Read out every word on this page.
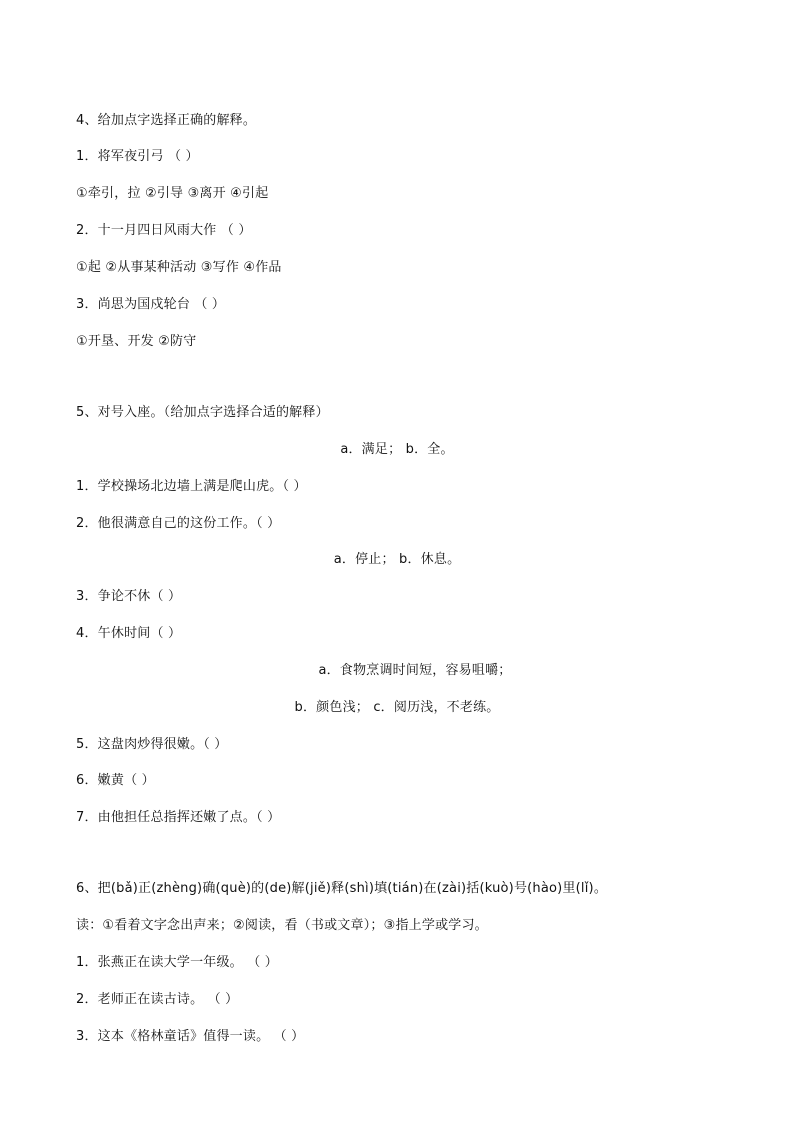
4、给加点字选择正确的解释。
1．将军夜引弓 （ ）
①牵引，拉 ②引导 ③离开 ④引起
2．十一月四日风雨大作 （ ）
①起 ②从事某种活动 ③写作 ④作品
3．尚思为国戍轮台 （ ）
①开垦、开发 ②防守
5、对号入座。（给加点字选择合适的解释）
a．满足； b．全。
1．学校操场北边墙上满是爬山虎。（ ）
2．他很满意自己的这份工作。（ ）
a．停止； b．休息。
3．争论不休（ ）
4．午休时间（ ）
a．食物烹调时间短，容易咀嚼；
b．颜色浅； c．阅历浅，不老练。
5．这盘肉炒得很嫩。（ ）
6．嫩黄（ ）
7．由他担任总指挥还嫩了点。（ ）
6、把(bǎ)正(zhèng)确(què)的(de)解(jiě)释(shì)填(tián)在(zài)括(kuò)号(hào)里(lǐ)。
读：①看着文字念出声来；②阅读，看（书或文章）；③指上学或学习。
1．张燕正在读大学一年级。 （ ）
2．老师正在读古诗。 （ ）
3．这本《格林童话》值得一读。 （ ）
